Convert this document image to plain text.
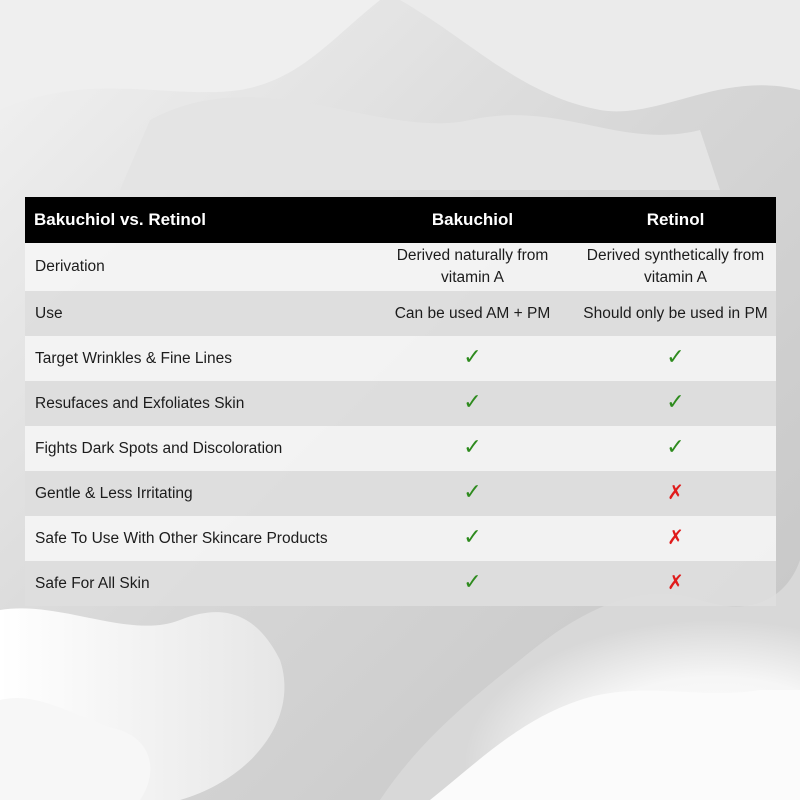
Bakuchiol vs. Retinol	Bakuchiol	Retinol
Derivation	Derived naturally from vitamin A	Derived synthetically from vitamin A
Use	Can be used AM + PM	Should only be used in PM
Target Wrinkles & Fine Lines	✓	✓
Resufaces and Exfoliates Skin	✓	✓
Fights Dark Spots and Discoloration	✓	✓
Gentle & Less Irritating	✓	✗
Safe To Use With Other Skincare Products	✓	✗
Safe For All Skin	✓	✗
